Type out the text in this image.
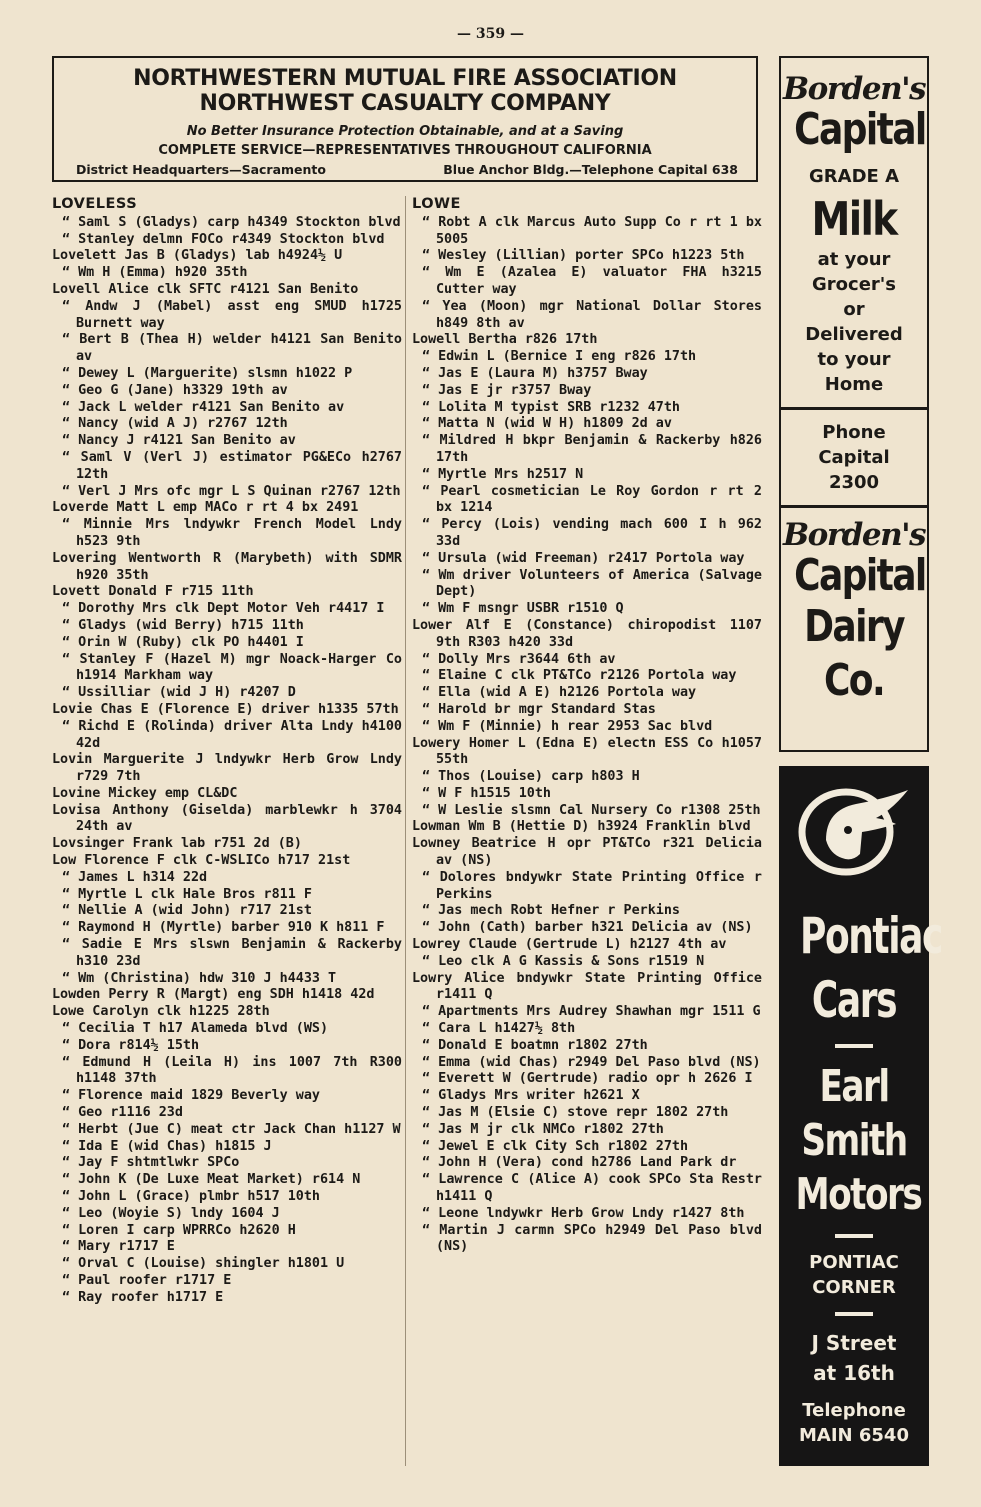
— 359 —
NORTHWESTERN MUTUAL FIRE ASSOCIATION
NORTHWEST CASUALTY COMPANY
No Better Insurance Protection Obtainable, and at a Saving
COMPLETE SERVICE—REPRESENTATIVES THROUGHOUT CALIFORNIA
District Headquarters—Sacramento	Blue Anchor Bldg.—Telephone Capital 638
LOVELESS
“ Saml S (Gladys) carp h4349 Stockton blvd
“ Stanley delmn FOCo r4349 Stockton blvd
Lovelett Jas B (Gladys) lab h4924½ U
“ Wm H (Emma) h920 35th
Lovell Alice clk SFTC r4121 San Benito
“ Andw J (Mabel) asst eng SMUD h1725 Burnett way
“ Bert B (Thea H) welder h4121 San Benito av
“ Dewey L (Marguerite) slsmn h1022 P
“ Geo G (Jane) h3329 19th av
“ Jack L welder r4121 San Benito av
“ Nancy (wid A J) r2767 12th
“ Nancy J r4121 San Benito av
“ Saml V (Verl J) estimator PG&ECo h2767 12th
“ Verl J Mrs ofc mgr L S Quinan r2767 12th
Loverde Matt L emp MACo r rt 4 bx 2491
“ Minnie Mrs lndywkr French Model Lndy h523 9th
Lovering Wentworth R (Marybeth) with SDMR h920 35th
Lovett Donald F r715 11th
“ Dorothy Mrs clk Dept Motor Veh r4417 I
“ Gladys (wid Berry) h715 11th
“ Orin W (Ruby) clk PO h4401 I
“ Stanley F (Hazel M) mgr Noack-Harger Co h1914 Markham way
“ Ussilliar (wid J H) r4207 D
Lovie Chas E (Florence E) driver h1335 57th
“ Richd E (Rolinda) driver Alta Lndy h4100 42d
Lovin Marguerite J lndywkr Herb Grow Lndy r729 7th
Lovine Mickey emp CL&DC
Lovisa Anthony (Giselda) marblewkr h 3704 24th av
Lovsinger Frank lab r751 2d (B)
Low Florence F clk C-WSLICo h717 21st
“ James L h314 22d
“ Myrtle L clk Hale Bros r811 F
“ Nellie A (wid John) r717 21st
“ Raymond H (Myrtle) barber 910 K h811 F
“ Sadie E Mrs slswn Benjamin & Rackerby h310 23d
“ Wm (Christina) hdw 310 J h4433 T
Lowden Perry R (Margt) eng SDH h1418 42d
Lowe Carolyn clk h1225 28th
“ Cecilia T h17 Alameda blvd (WS)
“ Dora r814½ 15th
“ Edmund H (Leila H) ins 1007 7th R300 h1148 37th
“ Florence maid 1829 Beverly way
“ Geo r1116 23d
“ Herbt (Jue C) meat ctr Jack Chan h1127 W
“ Ida E (wid Chas) h1815 J
“ Jay F shtmtlwkr SPCo
“ John K (De Luxe Meat Market) r614 N
“ John L (Grace) plmbr h517 10th
“ Leo (Woyie S) lndy 1604 J
“ Loren I carp WPRRCo h2620 H
“ Mary r1717 E
“ Orval C (Louise) shingler h1801 U
“ Paul roofer r1717 E
“ Ray roofer h1717 E
LOWE
“ Robt A clk Marcus Auto Supp Co r rt 1 bx 5005
“ Wesley (Lillian) porter SPCo h1223 5th
“ Wm E (Azalea E) valuator FHA h3215 Cutter way
“ Yea (Moon) mgr National Dollar Stores h849 8th av
Lowell Bertha r826 17th
“ Edwin L (Bernice I eng r826 17th
“ Jas E (Laura M) h3757 Bway
“ Jas E jr r3757 Bway
“ Lolita M typist SRB r1232 47th
“ Matta N (wid W H) h1809 2d av
“ Mildred H bkpr Benjamin & Rackerby h826 17th
“ Myrtle Mrs h2517 N
“ Pearl cosmetician Le Roy Gordon r rt 2 bx 1214
“ Percy (Lois) vending mach 600 I h 962 33d
“ Ursula (wid Freeman) r2417 Portola way
“ Wm driver Volunteers of America (Salvage Dept)
“ Wm F msngr USBR r1510 Q
Lower Alf E (Constance) chiropodist 1107 9th R303 h420 33d
“ Dolly Mrs r3644 6th av
“ Elaine C clk PT&TCo r2126 Portola way
“ Ella (wid A E) h2126 Portola way
“ Harold br mgr Standard Stas
“ Wm F (Minnie) h rear 2953 Sac blvd
Lowery Homer L (Edna E) electn ESS Co h1057 55th
“ Thos (Louise) carp h803 H
“ W F h1515 10th
“ W Leslie slsmn Cal Nursery Co r1308 25th
Lowman Wm B (Hettie D) h3924 Franklin blvd
Lowney Beatrice H opr PT&TCo r321 Delicia av (NS)
“ Dolores bndywkr State Printing Office r Perkins
“ Jas mech Robt Hefner r Perkins
“ John (Cath) barber h321 Delicia av (NS)
Lowrey Claude (Gertrude L) h2127 4th av
“ Leo clk A G Kassis & Sons r1519 N
Lowry Alice bndywkr State Printing Office r1411 Q
“ Apartments Mrs Audrey Shawhan mgr 1511 G
“ Cara L h1427½ 8th
“ Donald E boatmn r1802 27th
“ Emma (wid Chas) r2949 Del Paso blvd (NS)
“ Everett W (Gertrude) radio opr h 2626 I
“ Gladys Mrs writer h2621 X
“ Jas M (Elsie C) stove repr 1802 27th
“ Jas M jr clk NMCo r1802 27th
“ Jewel E clk City Sch r1802 27th
“ John H (Vera) cond h2786 Land Park dr
“ Lawrence C (Alice A) cook SPCo Sta Restr h1411 Q
“ Leone lndywkr Herb Grow Lndy r1427 8th
“ Martin J carmn SPCo h2949 Del Paso blvd (NS)
Borden's
Capital
GRADE A
Milk
at your
Grocer's
or
Delivered
to your
Home
Phone
Capital
2300
Borden's
Capital
Dairy
Co.
Pontiac
Cars
Earl
Smith
Motors
PONTIAC
CORNER
J Street
at 16th
Telephone
MAIN 6540
